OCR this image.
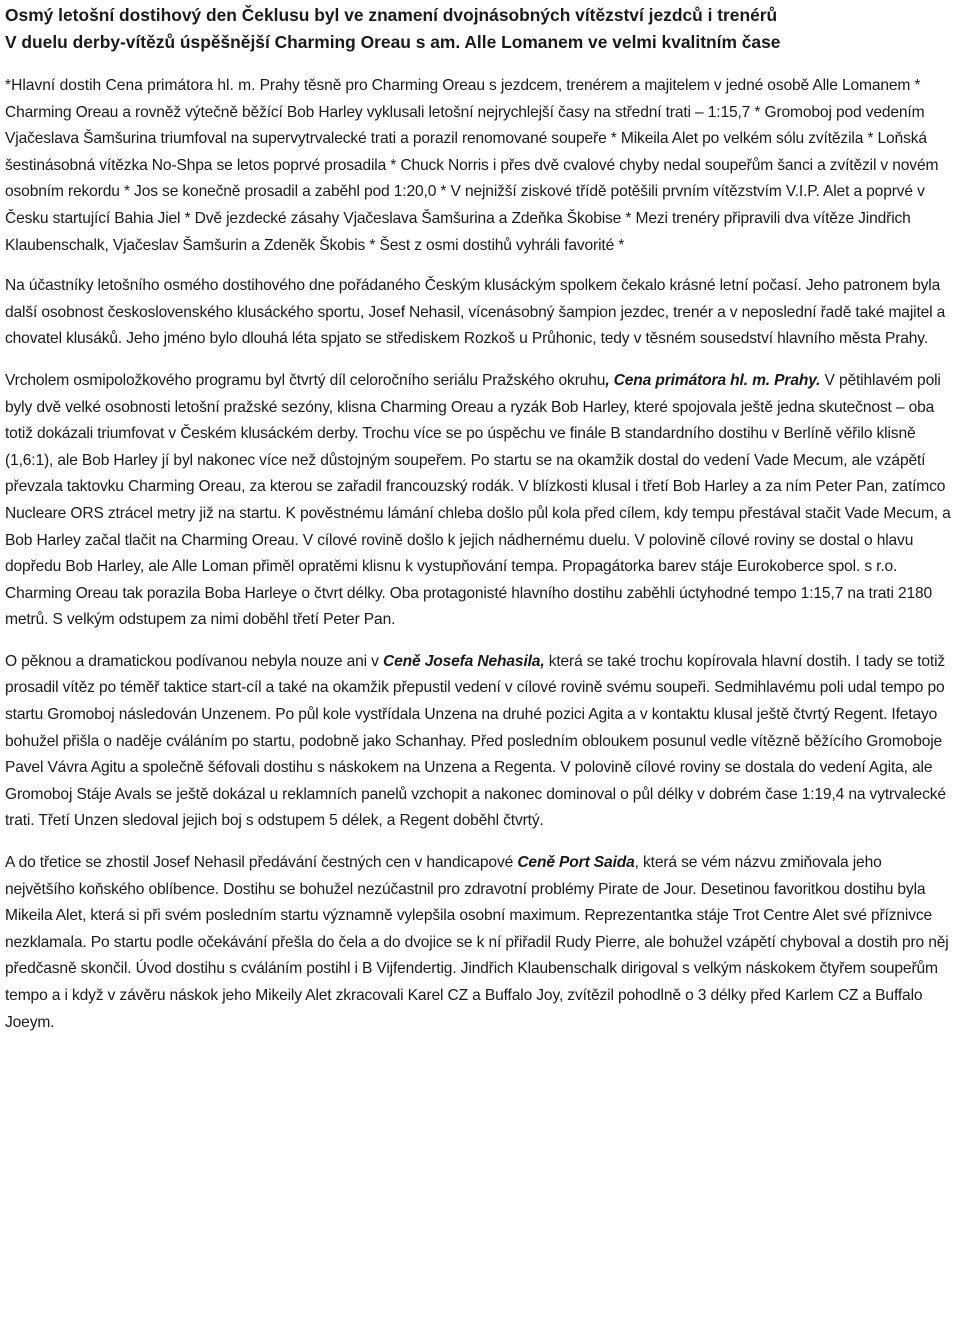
Osmý letošní dostihový den Čeklusu byl ve znamení dvojnásobných vítězství jezdců i trenérů
V duelu derby-vítězů úspěšnější Charming Oreau s am. Alle Lomanem ve velmi kvalitním čase

*Hlavní dostih Cena primátora hl. m. Prahy těsně pro Charming Oreau s jezdcem, trenérem a majitelem v jedné osobě Alle Lomanem * Charming Oreau a rovněž výtečně běžící Bob Harley vyklusali letošní nejrychlejší časy na střední trati – 1:15,7 * Gromoboj pod vedením Vjačeslava Šamšurina triumfoval na supervytrvalecké trati a porazil renomované soupeře * Mikeila Alet po velkém sólu zvítězila * Loňská šestinásobná vítězka No-Shpa se letos poprvé prosadila * Chuck Norris i přes dvě cvalové chyby nedal soupeřům šanci a zvítězil v novém osobním rekordu * Jos se konečně prosadil a zaběhl pod 1:20,0 * V nejnižší ziskové třídě potěšili prvním vítězstvím V.I.P. Alet a poprvé v Česku startující Bahia Jiel * Dvě jezdecké zásahy Vjačeslava Šamšurina a Zdeňka Škobise * Mezi trenéry připravili dva vítěze Jindřich Klaubenschalk, Vjačeslav Šamšurin a Zdeněk Škobis * Šest z osmi dostihů vyhráli favorité *

Na účastníky letošního osmého dostihového dne pořádaného Českým klusáckým spolkem čekalo krásné letní počasí. Jeho patronem byla další osobnost československého klusáckého sportu, Josef Nehasil, vícenásobný šampion jezdec, trenér a v neposlední řadě také majitel a chovatel klusáků. Jeho jméno bylo dlouhá léta spjato se střediskem Rozkoš u Průhonic, tedy v těsném sousedství hlavního města Prahy.

Vrcholem osmipoložkového programu byl čtvrtý díl celoročního seriálu Pražského okruhu, Cena primátora hl. m. Prahy. V pětihlavém poli byly dvě velké osobnosti letošní pražské sezóny, klisna Charming Oreau a ryzák Bob Harley, které spojovala ještě jedna skutečnost – oba totiž dokázali triumfovat v Českém klusáckém derby. Trochu více se po úspěchu ve finále B standardního dostihu v Berlíně věřilo klisně (1,6:1), ale Bob Harley jí byl nakonec více než důstojným soupeřem. Po startu se na okamžik dostal do vedení Vade Mecum, ale vzápětí převzala taktovku Charming Oreau, za kterou se zařadil francouzský rodák. V blízkosti klusal i třetí Bob Harley a za ním Peter Pan, zatímco Nucleare ORS ztrácel metry již na startu. K pověstnému lámání chleba došlo půl kola před cílem, kdy tempu přestával stačit Vade Mecum, a Bob Harley začal tlačit na Charming Oreau. V cílové rovině došlo k jejich nádhernému duelu. V polovině cílové roviny se dostal o hlavu dopředu Bob Harley, ale Alle Loman přiměl opratěmi klisnu k vystupňování tempa. Propagátorka barev stáje Eurokoberce spol. s r.o. Charming Oreau tak porazila Boba Harleye o čtvrt délky. Oba protagonisté hlavního dostihu zaběhli úctyhodné tempo 1:15,7 na trati 2180 metrů. S velkým odstupem za nimi doběhl třetí Peter Pan.

O pěknou a dramatickou podívanou nebyla nouze ani v Ceně Josefa Nehasila, která se také trochu kopírovala hlavní dostih. I tady se totiž prosadil vítěz po téměř taktice start-cíl a také na okamžik přepustil vedení v cílové rovině svému soupeři. Sedmihlavému poli udal tempo po startu Gromoboj následován Unzenem. Po půl kole vystřídala Unzena na druhé pozici Agita a v kontaktu klusal ještě čtvrtý Regent. Ifetayo bohužel přišla o naděje cváláním po startu, podobně jako Schanhay. Před posledním obloukem posunul vedle vítězně běžícího Gromoboje Pavel Vávra Agitu a společně šéfovali dostihu s náskokem na Unzena a Regenta. V polovině cílové roviny se dostala do vedení Agita, ale Gromoboj Stáje Avals se ještě dokázal u reklamních panelů vzchopit a nakonec dominoval o půl délky v dobrém čase 1:19,4 na vytrvalecké trati. Třetí Unzen sledoval jejich boj s odstupem 5 délek, a Regent doběhl čtvrtý.

A do třetice se zhostil Josef Nehasil předávání čestných cen v handicapové Ceně Port Saida, která se vém názvu zmiňovala jeho největšího koňského oblíbence. Dostihu se bohužel nezúčastnil pro zdravotní problémy Pirate de Jour. Desetinou favoritkou dostihu byla Mikeila Alet, která si při svém posledním startu významně vylepšila osobní maximum. Reprezentantka stáje Trot Centre Alet své příznivce nezklamala. Po startu podle očekávání přešla do čela a do dvojice se k ní přiřadil Rudy Pierre, ale bohužel vzápětí chyboval a dostih pro něj předčasně skončil. Úvod dostihu s cváláním postihl i B Vijfendertig. Jindřich Klaubenschalk dirigoval s velkým náskokem čtyřem soupeřům tempo a i když v závěru náskok jeho Mikeily Alet zkracovali Karel CZ a Buffalo Joy, zvítězil pohodlně o 3 délky před Karlem CZ a Buffalo Joeym.
